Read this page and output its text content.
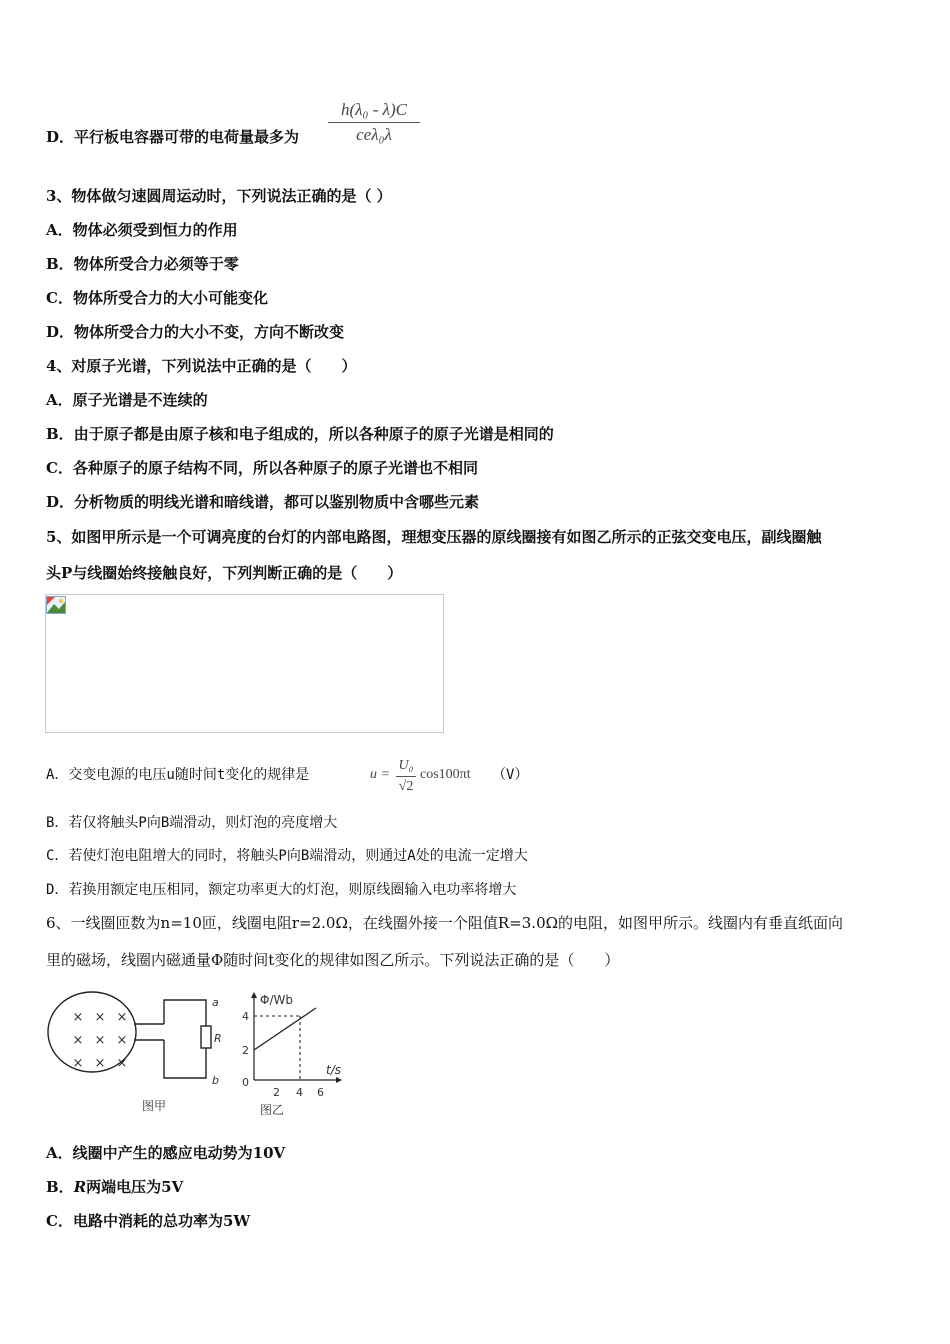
D．平行板电容器可带的电荷量最多为
h(λ₀ - λ)C
ceλ₀λ
3、物体做匀速圆周运动时，下列说法正确的是（ ）
A．物体必须受到恒力的作用
B．物体所受合力必须等于零
C．物体所受合力的大小可能变化
D．物体所受合力的大小不变，方向不断改变
4、对原子光谱，下列说法中正确的是（　　）
A．原子光谱是不连续的
B．由于原子都是由原子核和电子组成的，所以各种原子的原子光谱是相同的
C．各种原子的原子结构不同，所以各种原子的原子光谱也不相同
D．分析物质的明线光谱和暗线谱，都可以鉴别物质中含哪些元素
5、如图甲所示是一个可调亮度的台灯的内部电路图，理想变压器的原线圈接有如图乙所示的正弦交变电压，副线圈触
头P与线圈始终接触良好，下列判断正确的是（　　）
A．交变电源的电压u随时间t变化的规律是	u =
U₀
√2
cos100πt （V）
B．若仅将触头P向B端滑动，则灯泡的亮度增大
C．若使灯泡电阻增大的同时，将触头P向B端滑动，则通过A处的电流一定增大
D．若换用额定电压相同，额定功率更大的灯泡，则原线圈输入电功率将增大
6、一线圈匝数为n=10匝，线圈电阻r=2.0Ω，在线圈外接一个阻值R=3.0Ω的电阻，如图甲所示。线圈内有垂直纸面向
里的磁场，线圈内磁通量Φ随时间t变化的规律如图乙所示。下列说法正确的是（　　）
× × ×
× × ×
× × ×
a
R
b
图甲
Φ/Wb
t/s
4
2
0
2 4 6
图乙
A．线圈中产生的感应电动势为10V
B．R两端电压为5V
C．电路中消耗的总功率为5W
